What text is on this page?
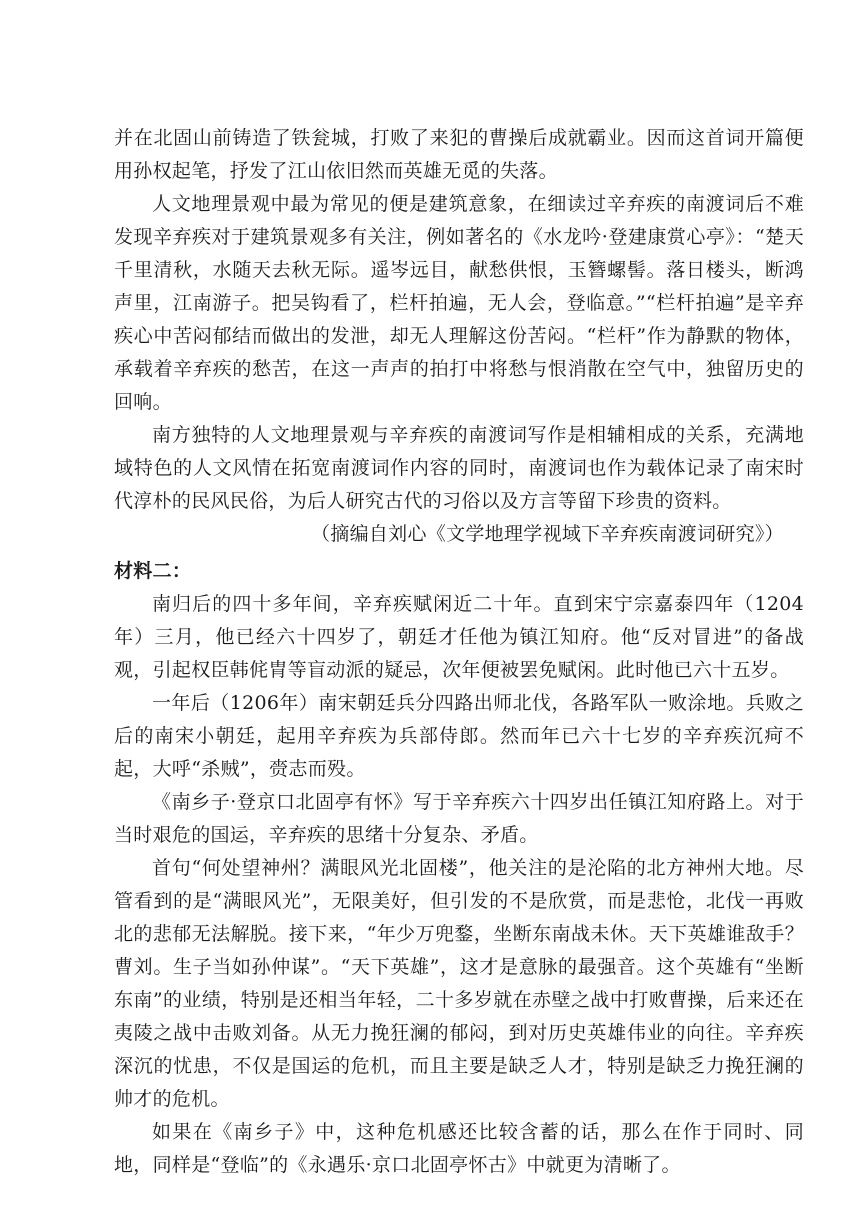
并在北固山前铸造了铁瓮城，打败了来犯的曹操后成就霸业。因而这首词开篇便用孙权起笔，抒发了江山依旧然而英雄无觅的失落。

人文地理景观中最为常见的便是建筑意象，在细读过辛弃疾的南渡词后不难发现辛弃疾对于建筑景观多有关注，例如著名的《水龙吟·登建康赏心亭》：“楚天千里清秋，水随天去秋无际。遥岑远目，献愁供恨，玉簪螺髻。落日楼头，断鸿声里，江南游子。把吴钩看了，栏杆拍遍，无人会，登临意。”“栏杆拍遍”是辛弃疾心中苦闷郁结而做出的发泄，却无人理解这份苦闷。“栏杆”作为静默的物体，承载着辛弃疾的愁苦，在这一声声的拍打中将愁与恨消散在空气中，独留历史的回响。

南方独特的人文地理景观与辛弃疾的南渡词写作是相辅相成的关系，充满地域特色的人文风情在拓宽南渡词作内容的同时，南渡词也作为载体记录了南宋时代淳朴的民风民俗，为后人研究古代的习俗以及方言等留下珍贵的资料。

（摘编自刘心《文学地理学视域下辛弃疾南渡词研究》）

材料二：

南归后的四十多年间，辛弃疾赋闲近二十年。直到宋宁宗嘉泰四年（1204年）三月，他已经六十四岁了，朝廷才任他为镇江知府。他“反对冒进”的备战观，引起权臣韩侂胄等盲动派的疑忌，次年便被罢免赋闲。此时他已六十五岁。

一年后（1206年）南宋朝廷兵分四路出师北伐，各路军队一败涂地。兵败之后的南宋小朝廷，起用辛弃疾为兵部侍郎。然而年已六十七岁的辛弃疾沉疴不起，大呼“杀贼”，赍志而殁。

《南乡子·登京口北固亭有怀》写于辛弃疾六十四岁出任镇江知府路上。对于当时艰危的国运，辛弃疾的思绪十分复杂、矛盾。

首句“何处望神州？满眼风光北固楼”，他关注的是沦陷的北方神州大地。尽管看到的是“满眼风光”，无限美好，但引发的不是欣赏，而是悲怆，北伐一再败北的悲郁无法解脱。接下来，“年少万兜鍪，坐断东南战未休。天下英雄谁敌手？曹刘。生子当如孙仲谋”。“天下英雄”，这才是意脉的最强音。这个英雄有“坐断东南”的业绩，特别是还相当年轻，二十多岁就在赤壁之战中打败曹操，后来还在夷陵之战中击败刘备。从无力挽狂澜的郁闷，到对历史英雄伟业的向往。辛弃疾深沉的忧患，不仅是国运的危机，而且主要是缺乏人才，特别是缺乏力挽狂澜的帅才的危机。

如果在《南乡子》中，这种危机感还比较含蓄的话，那么在作于同时、同地，同样是“登临”的《永遇乐·京口北固亭怀古》中就更为清晰了。
